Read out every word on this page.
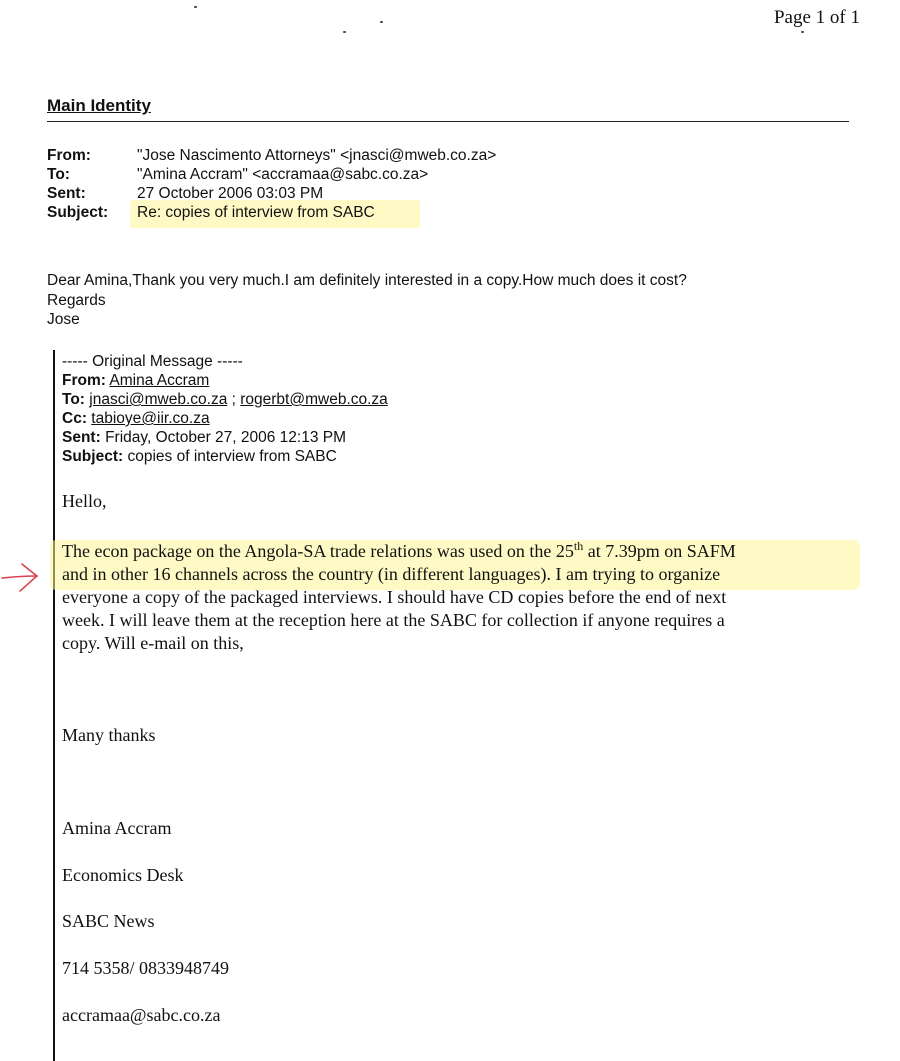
Page 1 of 1
Main Identity
From:	"Jose Nascimento Attorneys" <jnasci@mweb.co.za>
To:	"Amina Accram" <accramaa@sabc.co.za>
Sent:	27 October 2006 03:03 PM
Subject:	Re: copies of interview from SABC
Dear Amina,Thank you very much.I am definitely interested in a copy.How much does it cost?
Regards
Jose
----- Original Message -----
From: Amina Accram
To: jnasci@mweb.co.za ; rogerbt@mweb.co.za
Cc: tabioye@iir.co.za
Sent: Friday, October 27, 2006 12:13 PM
Subject: copies of interview from SABC
Hello,
The econ package on the Angola-SA trade relations was used on the 25th at 7.39pm on SAFM
and in other 16 channels across the country (in different languages). I am trying to organize
everyone a copy of the packaged interviews. I should have CD copies before the end of next
week. I will leave them at the reception here at the SABC for collection if anyone requires a
copy. Will e-mail on this,
Many thanks
Amina Accram
Economics Desk
SABC News
714 5358/ 0833948749
accramaa@sabc.co.za
